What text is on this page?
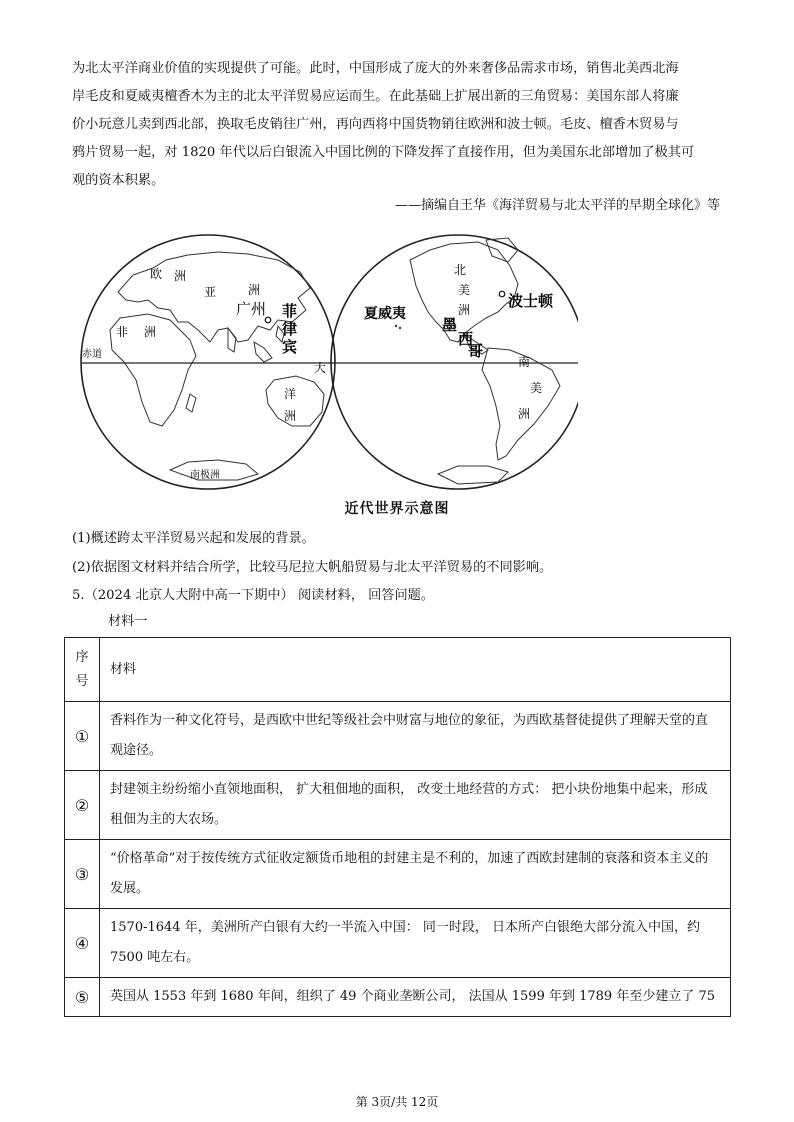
为北太平洋商业价值的实现提供了可能。此时，中国形成了庞大的外来奢侈品需求市场，销售北美西北海

岸毛皮和夏威夷檀香木为主的北太平洋贸易应运而生。在此基础上扩展出新的三角贸易：美国东部人将廉

价小玩意儿卖到西北部，换取毛皮销往广州，再向西将中国货物销往欧洲和波士顿。毛皮、檀香木贸易与

鸦片贸易一起，对 1820 年代以后白银流入中国比例的下降发挥了直接作用，但为美国东北部增加了极其可

观的资本积累。

——摘编自王华《海洋贸易与北太平洋的早期全球化》等
欧 洲
亚	洲
非 洲
广州 菲
律
宾
大
洋
洲
赤道
南极洲
夏威夷
北
美
洲	波士顿
墨
西
哥
南
美
洲
近代世界示意图
(1)概述跨太平洋贸易兴起和发展的背景。
(2)依据图文材料并结合所学，比较马尼拉大帆船贸易与北太平洋贸易的不同影响。
5.（2024 北京人大附中高一下期中） 阅读材料， 回答问题。
材料一
序
号	材料
①	香料作为一种文化符号，是西欧中世纪等级社会中财富与地位的象征，为西欧基督徒提供了理解天堂的直观途径。
②	封建领主纷纷缩小直领地面积， 扩大租佃地的面积， 改变土地经营的方式： 把小块份地集中起来，形成租佃为主的大农场。
③	“价格革命”对于按传统方式征收定额货币地租的封建主是不利的，加速了西欧封建制的衰落和资本主义的发展。
④	1570-1644 年，美洲所产白银有大约一半流入中国： 同一时段， 日本所产白银绝大部分流入中国，约 7500 吨左右。
⑤	英国从 1553 年到 1680 年间，组织了 49 个商业垄断公司， 法国从 1599 年到 1789 年至少建立了 75
第 3页/共 12页
